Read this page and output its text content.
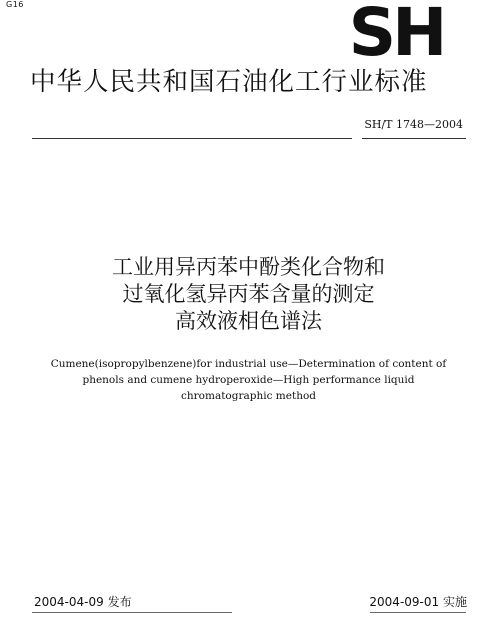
G16	SH
中华人民共和国石油化工行业标准
SH/T 1748—2004
工业用异丙苯中酚类化合物和
过氧化氢异丙苯含量的测定
高效液相色谱法
Cumene(isopropylbenzene)for industrial use—Determination of content of
phenols and cumene hydroperoxide—High performance liquid
chromatographic method
2004-04-09 发布	2004-09-01 实施
